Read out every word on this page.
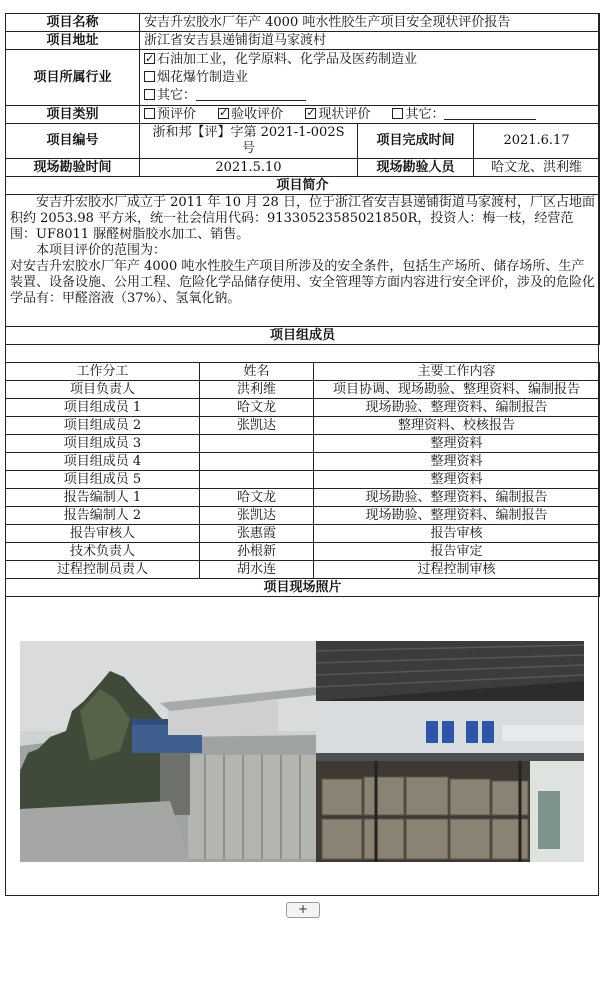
项目名称	安吉升宏胶水厂年产 4000 吨水性胶生产项目安全现状评价报告		
项目地址	浙江省安吉县递铺街道马家渡村		
项目所属行业	
✓石油加工业，化学原料、化学品及医药制造业
烟花爆竹制造业
其它：

项目类别	预评价 ✓ 验收评价 ✓ 现状评价 其它：
项目编号	浙和邦【评】字第 2021-1-002S 号	项目完成时间	2021.6.17
现场勘验时间	2021.5.10	现场勘验人员	哈文龙、洪利维
项目简介			

安吉升宏胶水厂成立于 2011 年 10 月 28 日，位于浙江省安吉县递铺街道马家渡村，厂区占地面积约 2053.98 平方米，统一社会信用代码：91330523585021850R，投资人：梅一枝，经营范围：UF8011 脲醛树脂胶水加工、销售。

本项目评价的范围为：

对安吉升宏胶水厂年产 4000 吨水性胶生产项目所涉及的安全条件，包括生产场所、储存场所、生产装置、设备设施、公用工程、危险化学品储存使用、安全管理等方面内容进行安全评价，涉及的危险化学品有：甲醛溶液（37%）、氢氧化钠。			

项目组成员			
工作分工	姓名	主要工作内容
项目负责人	洪利维	项目协调、现场勘验、整理资料、编制报告
项目组成员 1	哈文龙	现场勘验、整理资料、编制报告
项目组成员 2	张凯达	整理资料、校核报告
项目组成员 3		整理资料
项目组成员 4		整理资料
项目组成员 5		整理资料
报告编制人 1	哈文龙	现场勘验、整理资料、编制报告
报告编制人 2	张凯达	现场勘验、整理资料、编制报告
报告审核人	张惠霞	报告审核
技术负责人	孙根新	报告审定
过程控制员责人	胡水连	过程控制审核
项目现场照片		
+
